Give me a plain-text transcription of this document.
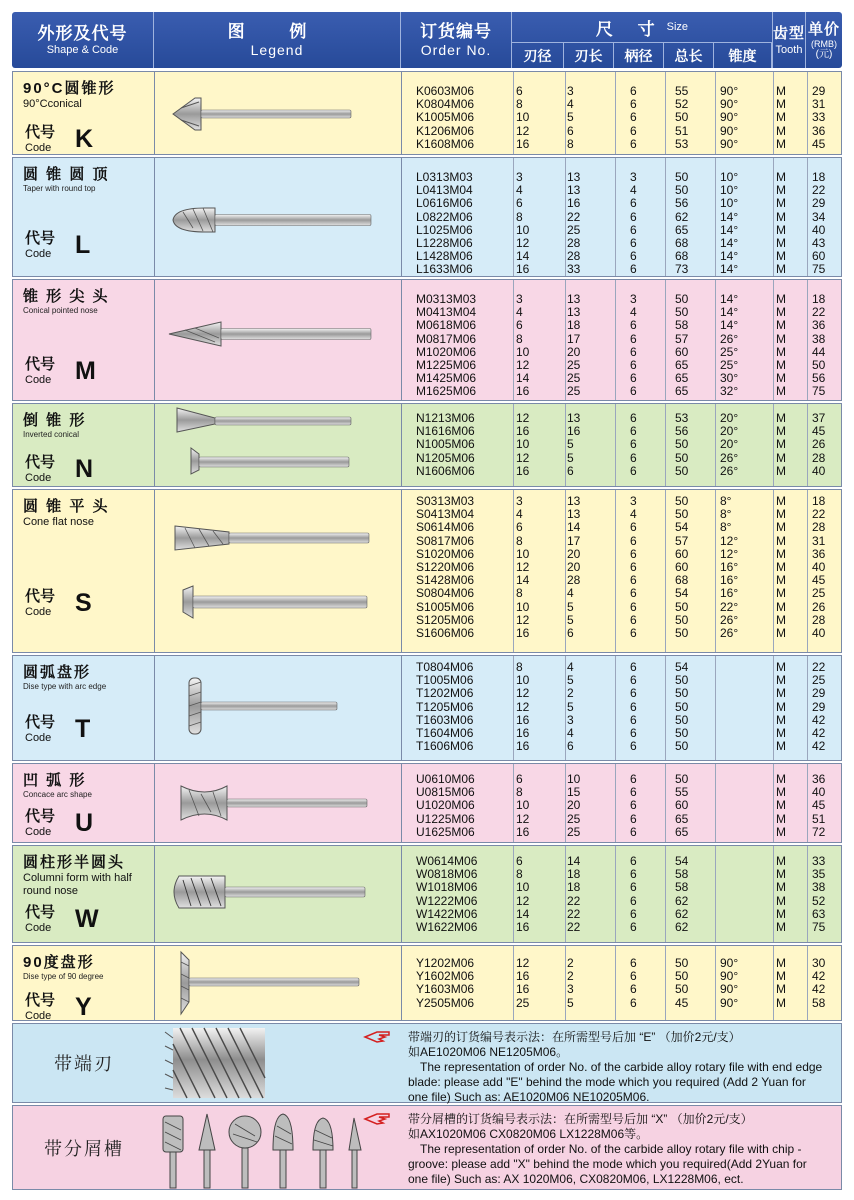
外形及代号
Shape & Code
图 例
Legend
订货编号
Order No.
尺 寸 Size
刃径	刃长	柄径	总长	锥度
齿型
Tooth
单价
(RMB)
(元)
90°C圆锥形
90°Cconical
代号
Code K
K0603M06	6	3	6	55	90°	M 29
K0804M06	8	4	6	52	90°	M 31
K1005M06	10	5	6	50	90°	M 33
K1206M06	12	6	6	51	90°	M 36
K1608M06	16	8	6	53	90°	M 45
圆 锥 圆 顶
Taper with round top
代号
Code L
L0313M03	3	13	3	50	10°	M 18
L0413M04	4	13	4	50	10°	M 22
L0616M06	6	16	6	56	10°	M 29
L0822M06	8	22	6	62	14°	M 34
L1025M06	10	25	6	65	14°	M 40
L1228M06	12	28	6	68	14°	M 43
L1428M06	14	28	6	68	14°	M 60
L1633M06	16	33	6	73	14°	M 75
锥 形 尖 头
Conical pointed nose
代号
Code M
M0313M03	3	13	3	50	14°	M 18
M0413M04	4	13	4	50	14°	M 22
M0618M06	6	18	6	58	14°	M 36
M0817M06	8	17	6	57	26°	M 38
M1020M06	10	20	6	60	25°	M 44
M1225M06	12	25	6	65	25°	M 50
M1425M06	14	25	6	65	30°	M 56
M1625M06	16	25	6	65	32°	M 75
倒 锥 形
Inverted conical
代号
Code N
N1213M06	12	13	6	53	20°	M 37
N1616M06	16	16	6	56	20°	M 45
N1005M06	10	5	6	50	20°	M 26
N1205M06	12	5	6	50	26°	M 28
N1606M06	16	6	6	50	26°	M 40
圆 锥 平 头
Cone flat nose
代号
Code S
S0313M03	3	13	3	50	8°	M 18
S0413M04	4	13	4	50	8°	M 22
S0614M06	6	14	6	54	8°	M 28
S0817M06	8	17	6	57	12°	M 31
S1020M06	10	20	6	60	12°	M 36
S1220M06	12	20	6	60	16°	M 40
S1428M06	14	28	6	68	16°	M 45
S0804M06	8	4	6	54	16°	M 25
S1005M06	10	5	6	50	22°	M 26
S1205M06	12	5	6	50	26°	M 28
S1606M06	16	6	6	50	26°	M 40
圆弧盘形
Dise type with arc edge
代号
Code T
T0804M06	8	4	6	54	M 22
T1005M06	10	5	6	50	M 25
T1202M06	12	2	6	50	M 29
T1205M06	12	5	6	50	M 29
T1603M06	16	3	6	50	M 42
T1604M06	16	4	6	50	M 42
T1606M06	16	6	6	50	M 42
凹 弧 形
Concace arc shape
代号
Code U
U0610M06	6	10	6	50	M 36
U0815M06	8	15	6	55	M 40
U1020M06	10	20	6	60	M 45
U1225M06	12	25	6	65	M 51
U1625M06	16	25	6	65	M 72
圆柱形半圆头
Columni form with half round nose
代号
Code W
W0614M06	6	14	6	54	M 33
W0818M06	8	18	6	58	M 35
W1018M06	10	18	6	58	M 38
W1222M06	12	22	6	62	M 52
W1422M06	14	22	6	62	M 63
W1622M06	16	22	6	62	M 75
90度盘形
Dise type of 90 degree
代号
Code Y
Y1202M06	12	2	6	50	90°	M 30
Y1602M06	16	2	6	50	90°	M 42
Y1603M06	16	3	6	50	90°	M 42
Y2505M06	25	5	6	45	90°	M 58
带端刃

带端刃的订货编号表示法：在所需型号后加 “E” （加价2元/支）

如AE1020M06 NE1205M06。

The representation of order No. of the carbide alloy rotary file with end edge blade: please add "E" behind the mode which you required (Add 2 Yuan for one file) Such as: AE1020M06 NE10205M06.

带分屑槽

带分屑槽的订货编号表示法：在所需型号后加 “X” （加价2元/支）

如AX1020M06 CX0820M06 LX1228M06等。

The representation of order No. of the carbide alloy rotary file with chip -groove: please add "X" behind the mode which you required(Add 2Yuan for one file) Such as: AX 1020M06, CX0820M06, LX1228M06, ect.
